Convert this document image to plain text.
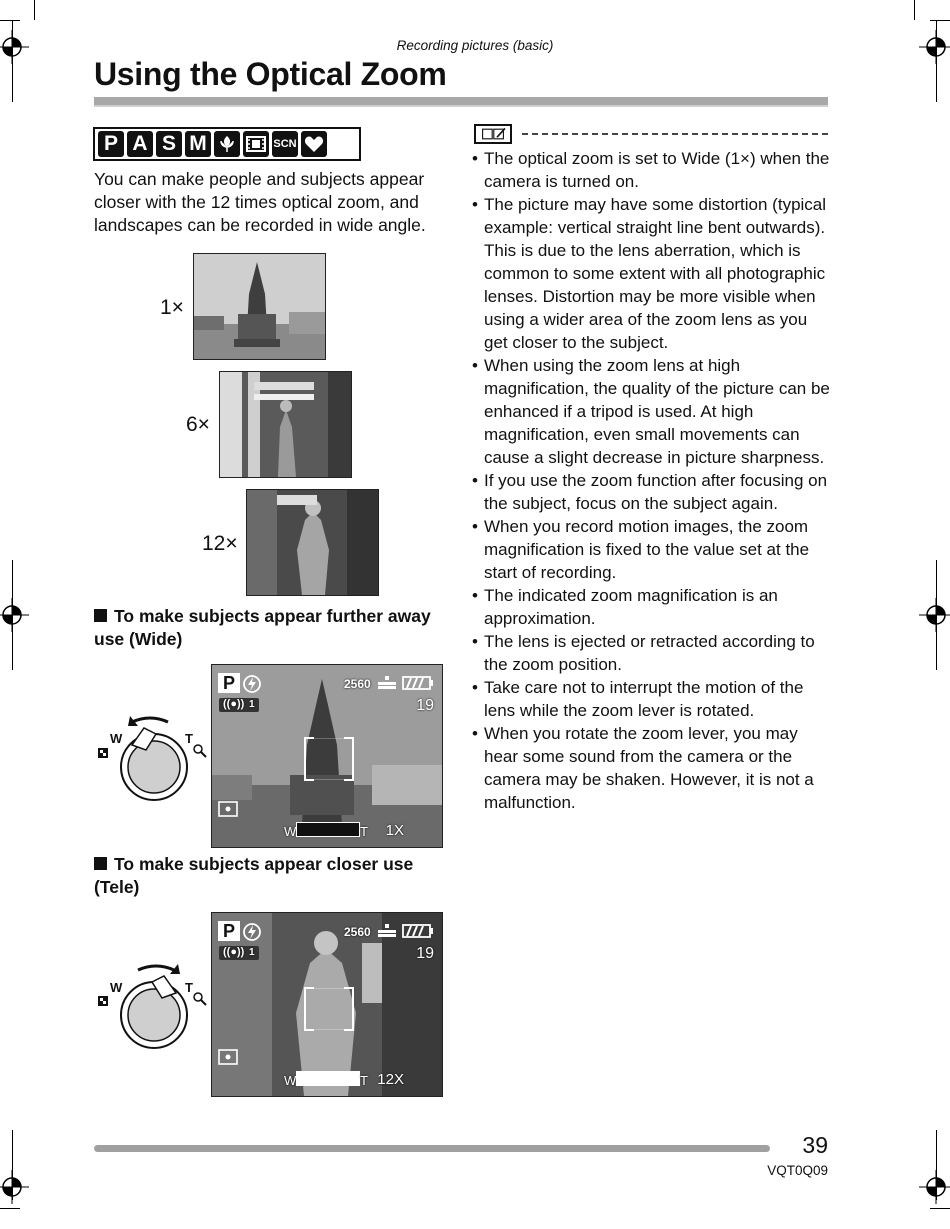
Recording pictures (basic)
Using the Optical Zoom
P A S M	SCN
You can make people and subjects appear closer with the 12 times optical zoom, and landscapes can be recorded in wide angle.
1×
6×
12×
To make subjects appear further away use (Wide)
W	T
P	2560
((●)) 1	19
W	T 1X
To make subjects appear closer use (Tele)
W	T
P	2560
((●)) 1	19
W	T 12X
• The optical zoom is set to Wide (1×) when the camera is turned on.
• The picture may have some distortion (typical example: vertical straight line bent outwards). This is due to the lens aberration, which is common to some extent with all photographic lenses. Distortion may be more visible when using a wider area of the zoom lens as you get closer to the subject.
• When using the zoom lens at high magnification, the quality of the picture can be enhanced if a tripod is used. At high magnification, even small movements can cause a slight decrease in picture sharpness.
• If you use the zoom function after focusing on the subject, focus on the subject again.
• When you record motion images, the zoom magnification is fixed to the value set at the start of recording.
• The indicated zoom magnification is an approximation.
• The lens is ejected or retracted according to the zoom position.
• Take care not to interrupt the motion of the lens while the zoom lever is rotated.
• When you rotate the zoom lever, you may hear some sound from the camera or the camera may be shaken. However, it is not a malfunction.
39
VQT0Q09
